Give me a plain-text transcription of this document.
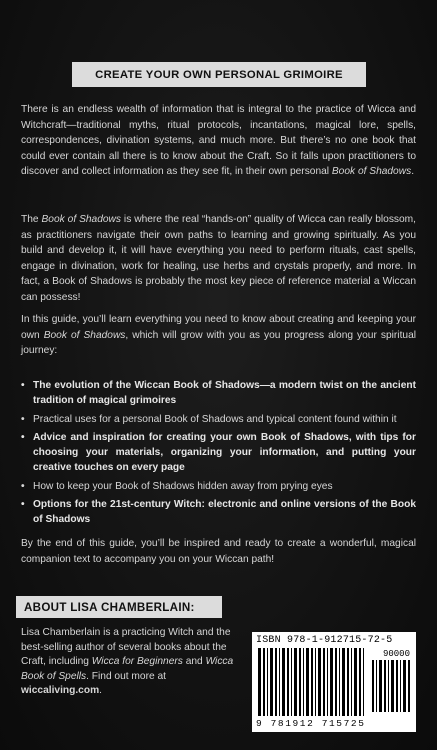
CREATE YOUR OWN PERSONAL GRIMOIRE

There is an endless wealth of information that is integral to the practice of Wicca and Witchcraft—traditional myths, ritual protocols, incantations, magical lore, spells, correspondences, divination systems, and much more. But there’s no one book that could ever contain all there is to know about the Craft. So it falls upon practitioners to discover and collect information as they see fit, in their own personal Book of Shadows.

The Book of Shadows is where the real “hands-on” quality of Wicca can really blossom, as practitioners navigate their own paths to learning and growing spiritually. As you build and develop it, it will have everything you need to perform rituals, cast spells, engage in divination, work for healing, use herbs and crystals properly, and more. In fact, a Book of Shadows is probably the most key piece of reference material a Wiccan can possess!

In this guide, you’ll learn everything you need to know about creating and keeping your own Book of Shadows, which will grow with you as you progress along your spiritual journey:

• The evolution of the Wiccan Book of Shadows—a modern twist on the ancient tradition of magical grimoires
• Practical uses for a personal Book of Shadows and typical content found within it
• Advice and inspiration for creating your own Book of Shadows, with tips for choosing your materials, organizing your information, and putting your creative touches on every page
• How to keep your Book of Shadows hidden away from prying eyes
• Options for the 21st-century Witch: electronic and online versions of the Book of Shadows

By the end of this guide, you’ll be inspired and ready to create a wonderful, magical companion text to accompany you on your Wiccan path!

ABOUT LISA CHAMBERLAIN:

Lisa Chamberlain is a practicing Witch and the best-selling author of several books about the Craft, including Wicca for Beginners and Wicca Book of Spells. Find out more at wiccaliving.com.

ISBN 978-1-912715-72-5
90000
9 781912 715725
